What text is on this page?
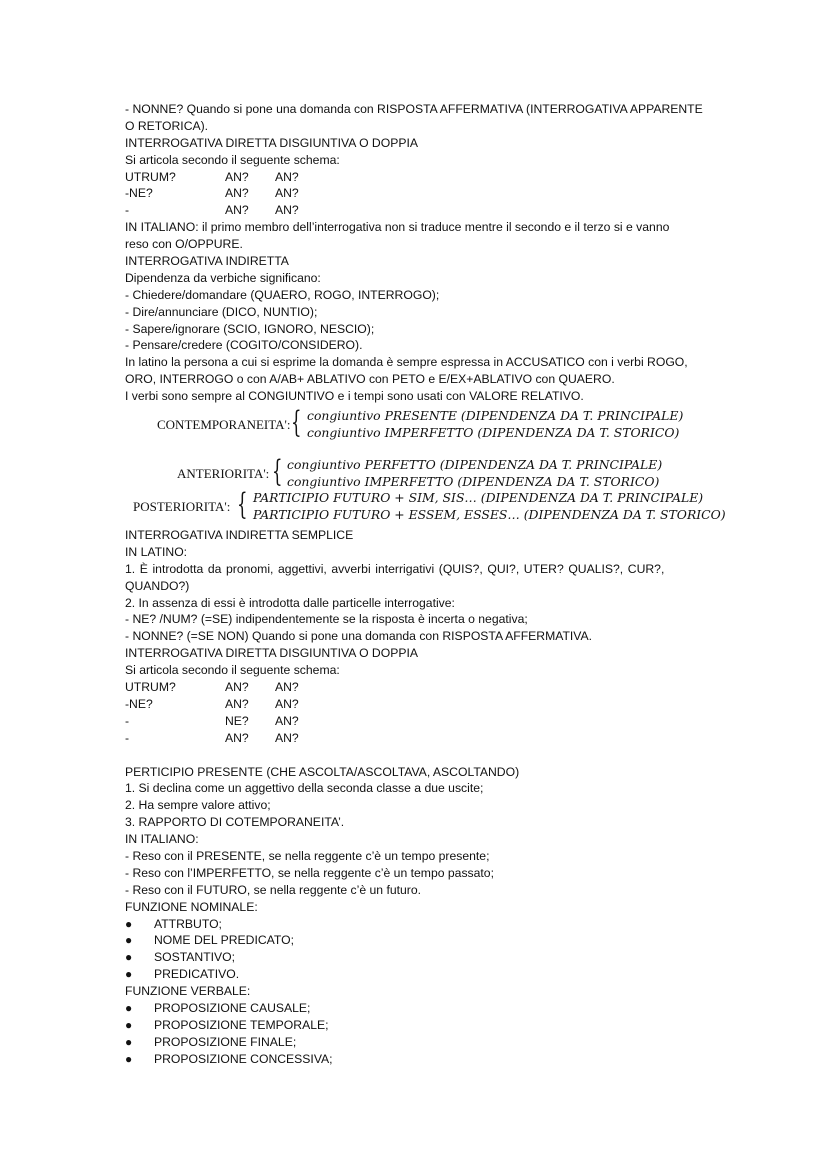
- NONNE? Quando si pone una domanda con RISPOSTA AFFERMATIVA (INTERROGATIVA APPARENTE
O RETORICA).
INTERROGATIVA DIRETTA DISGIUNTIVA O DOPPIA
Si articola secondo il seguente schema:
UTRUM?	AN? AN?
-NE?	AN? AN?
-	AN? AN?
IN ITALIANO: il primo membro dell’interrogativa non si traduce mentre il secondo e il terzo si e vanno
reso con O/OPPURE.
INTERROGATIVA INDIRETTA
Dipendenza da verbiche significano:
- Chiedere/domandare (QUAERO, ROGO, INTERROGO);
- Dire/annunciare (DICO, NUNTIO);
- Sapere/ignorare (SCIO, IGNORO, NESCIO);
- Pensare/credere (COGITO/CONSIDERO).
In latino la persona a cui si esprime la domanda è sempre espressa in ACCUSATICO con i verbi ROGO,
ORO, INTERROGO o con A/AB+ ABLATIVO con PETO e E/EX+ABLATIVO con QUAERO.
I verbi sono sempre al CONGIUNTIVO e i tempi sono usati con VALORE RELATIVO.
CONTEMPORANEITA': { congiuntivo PRESENTE (DIPENDENZA DA T. PRINCIPALE)
congiuntivo IMPERFETTO (DIPENDENZA DA T. STORICO)
ANTERIORITA': { congiuntivo PERFETTO (DIPENDENZA DA T. PRINCIPALE)
congiuntivo IMPERFETTO (DIPENDENZA DA T. STORICO)
POSTERIORITA': { PARTICIPIO FUTURO + SIM, SIS… (DIPENDENZA DA T. PRINCIPALE)
PARTICIPIO FUTURO + ESSEM, ESSES… (DIPENDENZA DA T. STORICO)
INTERROGATIVA INDIRETTA SEMPLICE
IN LATINO:
1. È introdotta da pronomi, aggettivi, avverbi interrigativi (QUIS?, QUI?, UTER? QUALIS?, CUR?,
QUANDO?)
2. In assenza di essi è introdotta dalle particelle interrogative:
- NE? /NUM? (=SE) indipendentemente se la risposta è incerta o negativa;
- NONNE? (=SE NON) Quando si pone una domanda con RISPOSTA AFFERMATIVA.
INTERROGATIVA DIRETTA DISGIUNTIVA O DOPPIA
Si articola secondo il seguente schema:
UTRUM?	AN? AN?
-NE?	AN? AN?
-	NE? AN?
-	AN? AN?
PERTICIPIO PRESENTE (CHE ASCOLTA/ASCOLTAVA, ASCOLTANDO)
1. Si declina come un aggettivo della seconda classe a due uscite;
2. Ha sempre valore attivo;
3. RAPPORTO DI COTEMPORANEITA’.
IN ITALIANO:
- Reso con il PRESENTE, se nella reggente c’è un tempo presente;
- Reso con l’IMPERFETTO, se nella reggente c’è un tempo passato;
- Reso con il FUTURO, se nella reggente c’è un futuro.
FUNZIONE NOMINALE:
● ATTRBUTO;
● NOME DEL PREDICATO;
● SOSTANTIVO;
● PREDICATIVO.
FUNZIONE VERBALE:
● PROPOSIZIONE CAUSALE;
● PROPOSIZIONE TEMPORALE;
● PROPOSIZIONE FINALE;
● PROPOSIZIONE CONCESSIVA;
